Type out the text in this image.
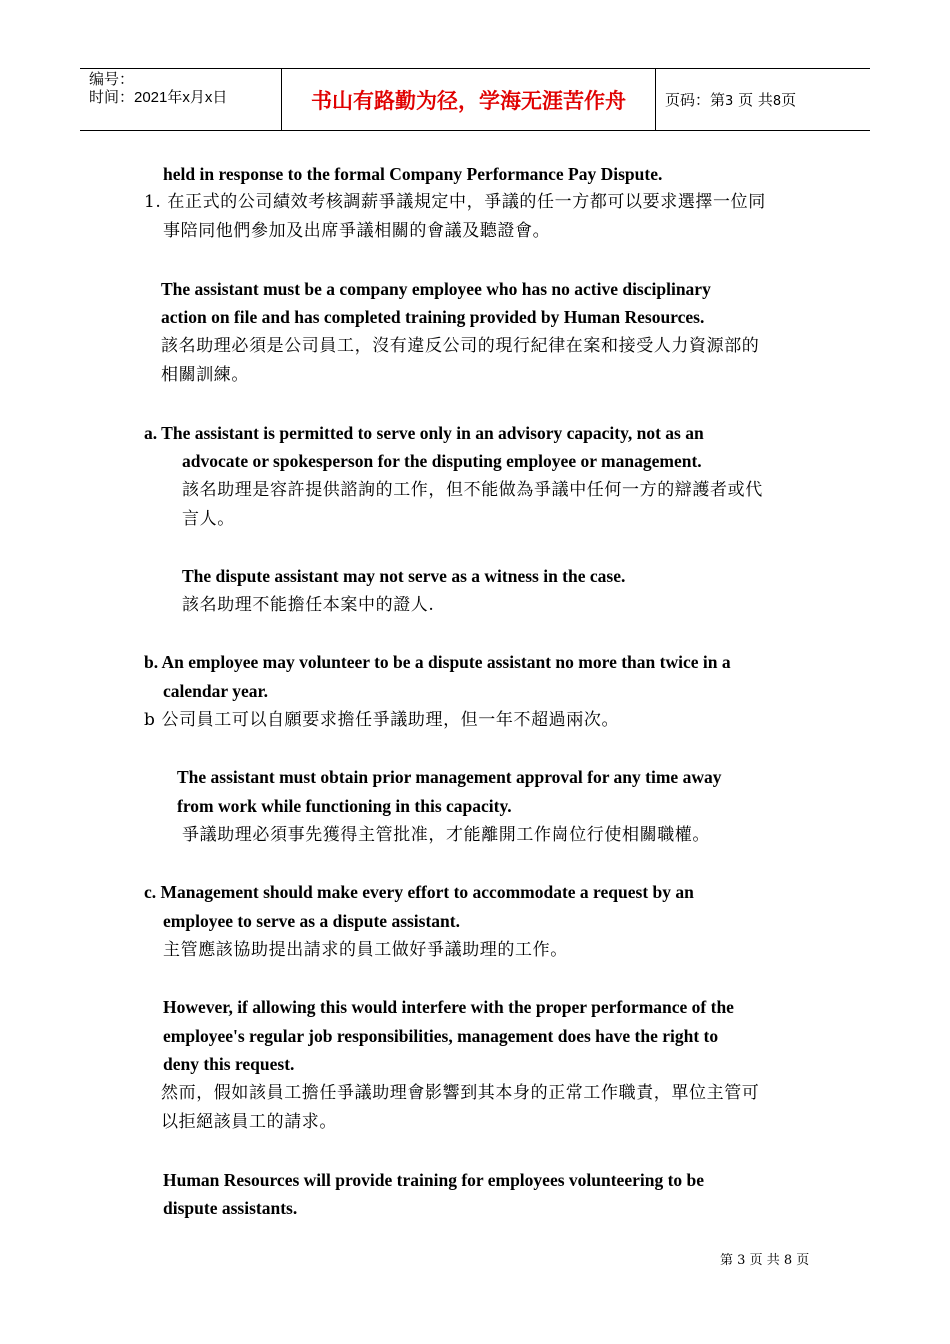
编号：
时间：2021年x月x日	书山有路勤为径，学海无涯苦作舟	页码：第3 页 共8页
held in response to the formal Company Performance Pay Dispute.
1. 在正式的公司績效考核調薪爭議規定中，爭議的任一方都可以要求選擇一位同
事陪同他們參加及出席爭議相關的會議及聽證會。
The assistant must be a company employee who has no active disciplinary
action on file and has completed training provided by Human Resources.
該名助理必須是公司員工，沒有違反公司的現行紀律在案和接受人力資源部的
相關訓練。
a. The assistant is permitted to serve only in an advisory capacity, not as an
advocate or spokesperson for the disputing employee or management.
該名助理是容許提供諮詢的工作，但不能做為爭議中任何一方的辯護者或代
言人。
The dispute assistant may not serve as a witness in the case.
該名助理不能擔任本案中的證人.
b. An employee may volunteer to be a dispute assistant no more than twice in a
calendar year.
b 公司員工可以自願要求擔任爭議助理，但一年不超過兩次。
The assistant must obtain prior management approval for any time away
from work while functioning in this capacity.
爭議助理必須事先獲得主管批准，才能離開工作崗位行使相關職權。
c. Management should make every effort to accommodate a request by an
employee to serve as a dispute assistant.
主管應該協助提出請求的員工做好爭議助理的工作。
However, if allowing this would interfere with the proper performance of the
employee's regular job responsibilities, management does have the right to
deny this request.
然而，假如該員工擔任爭議助理會影響到其本身的正常工作職責，單位主管可
以拒絕該員工的請求。
Human Resources will provide training for employees volunteering to be
dispute assistants.
第 3 页 共 8 页
